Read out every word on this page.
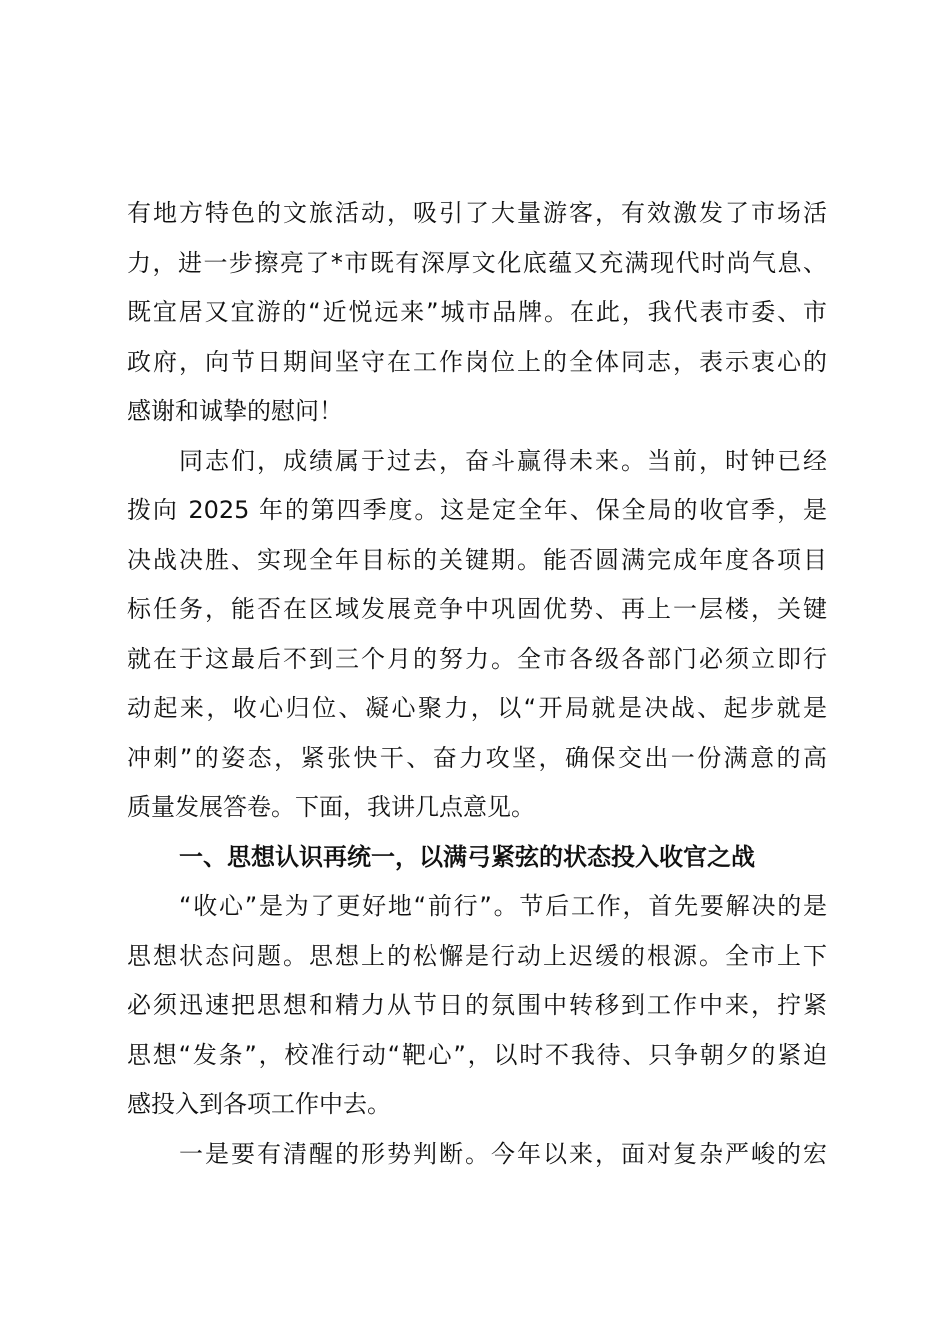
有地方特色的文旅活动，吸引了大量游客，有效激发了市场活
力，进一步擦亮了*市既有深厚文化底蕴又充满现代时尚气息、
既宜居又宜游的“近悦远来”城市品牌。在此，我代表市委、市
政府，向节日期间坚守在工作岗位上的全体同志，表示衷心的
感谢和诚挚的慰问！
同志们，成绩属于过去，奋斗赢得未来。当前，时钟已经
拨向 2025 年的第四季度。这是定全年、保全局的收官季，是
决战决胜、实现全年目标的关键期。能否圆满完成年度各项目
标任务，能否在区域发展竞争中巩固优势、再上一层楼，关键
就在于这最后不到三个月的努力。全市各级各部门必须立即行
动起来，收心归位、凝心聚力，以“开局就是决战、起步就是
冲刺”的姿态，紧张快干、奋力攻坚，确保交出一份满意的高
质量发展答卷。下面，我讲几点意见。
一、思想认识再统一，以满弓紧弦的状态投入收官之战
“收心”是为了更好地“前行”。节后工作，首先要解决的是
思想状态问题。思想上的松懈是行动上迟缓的根源。全市上下
必须迅速把思想和精力从节日的氛围中转移到工作中来，拧紧
思想“发条”，校准行动“靶心”，以时不我待、只争朝夕的紧迫
感投入到各项工作中去。
一是要有清醒的形势判断。今年以来，面对复杂严峻的宏
